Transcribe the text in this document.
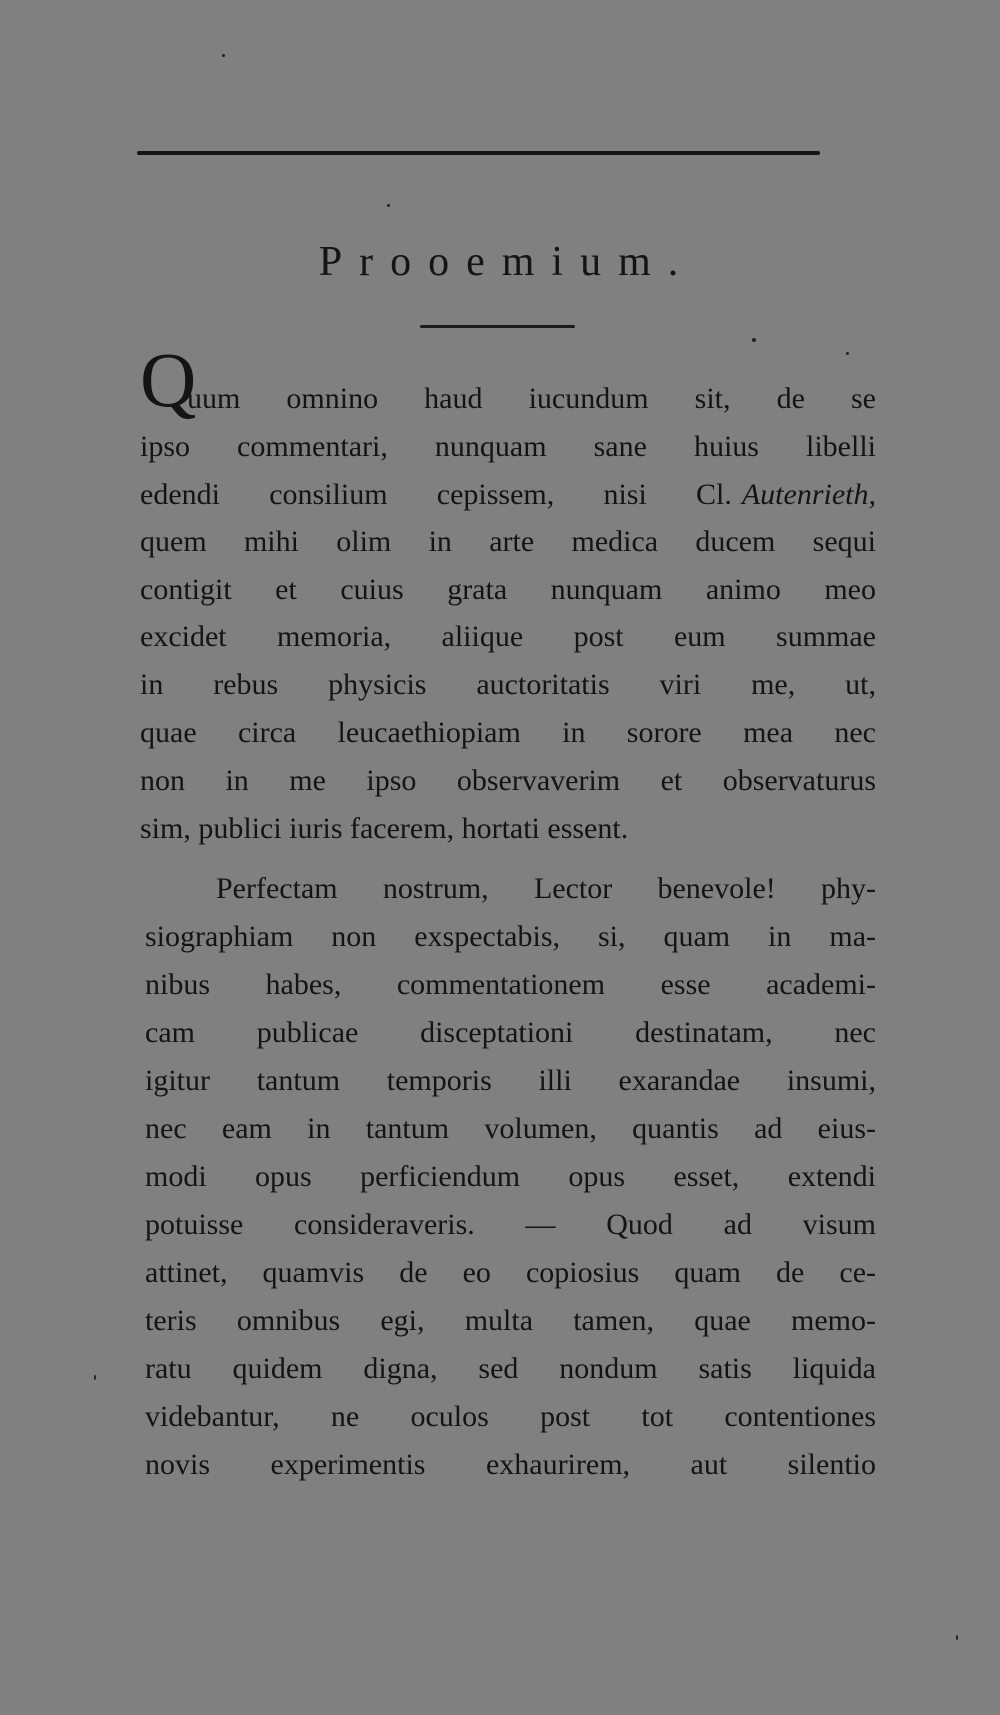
Prooemium.
Q
uum omnino haud iucundum sit, de se
ipso commentari, nunquam sane huius libelli
edendi consilium cepissem, nisi Cl. Autenrieth,
quem mihi olim in arte medica ducem sequi
contigit et cuius grata nunquam animo meo
excidet memoria, aliique post eum summae
in rebus physicis auctoritatis viri me, ut,
quae circa leucaethiopiam in sorore mea nec
non in me ipso observaverim et observaturus
sim, publici iuris facerem, hortati essent.
Perfectam nostrum, Lector benevole! phy-
siographiam non exspectabis, si, quam in ma-
nibus habes, commentationem esse academi-
cam publicae disceptationi destinatam, nec
igitur tantum temporis illi exarandae insumi,
nec eam in tantum volumen, quantis ad eius-
modi opus perficiendum opus esset, extendi
potuisse consideraveris. — Quod ad visum
attinet, quamvis de eo copiosius quam de ce-
teris omnibus egi, multa tamen, quae memo-
ratu quidem digna, sed nondum satis liquida
videbantur, ne oculos post tot contentiones
novis experimentis exhaurirem, aut silentio
